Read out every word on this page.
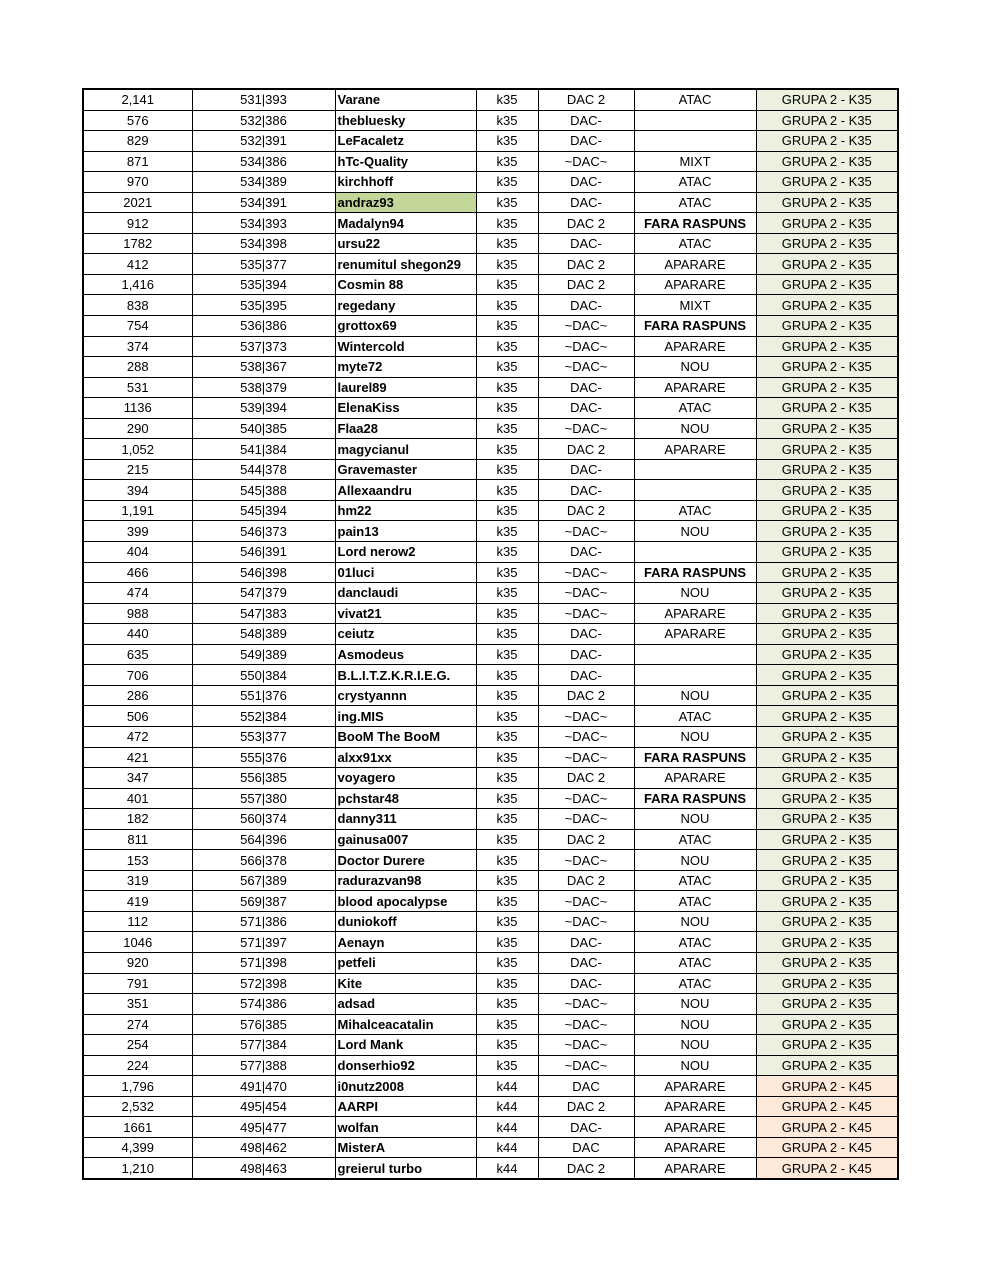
2,141	531|393	Varane	k35	DAC 2	ATAC	GRUPA 2 - K35
576	532|386	thebluesky	k35	DAC-		GRUPA 2 - K35
829	532|391	LeFacaletz	k35	DAC-		GRUPA 2 - K35
871	534|386	hTc-Quality	k35	~DAC~	MIXT	GRUPA 2 - K35
970	534|389	kirchhoff	k35	DAC-	ATAC	GRUPA 2 - K35
2021	534|391	andraz93	k35	DAC-	ATAC	GRUPA 2 - K35
912	534|393	Madalyn94	k35	DAC 2	FARA RASPUNS	GRUPA 2 - K35
1782	534|398	ursu22	k35	DAC-	ATAC	GRUPA 2 - K35
412	535|377	renumitul shegon29	k35	DAC 2	APARARE	GRUPA 2 - K35
1,416	535|394	Cosmin 88	k35	DAC 2	APARARE	GRUPA 2 - K35
838	535|395	regedany	k35	DAC-	MIXT	GRUPA 2 - K35
754	536|386	grottox69	k35	~DAC~	FARA RASPUNS	GRUPA 2 - K35
374	537|373	Wintercold	k35	~DAC~	APARARE	GRUPA 2 - K35
288	538|367	myte72	k35	~DAC~	NOU	GRUPA 2 - K35
531	538|379	laurel89	k35	DAC-	APARARE	GRUPA 2 - K35
1136	539|394	ElenaKiss	k35	DAC-	ATAC	GRUPA 2 - K35
290	540|385	Flaa28	k35	~DAC~	NOU	GRUPA 2 - K35
1,052	541|384	magycianul	k35	DAC 2	APARARE	GRUPA 2 - K35
215	544|378	Gravemaster	k35	DAC-		GRUPA 2 - K35
394	545|388	Allexaandru	k35	DAC-		GRUPA 2 - K35
1,191	545|394	hm22	k35	DAC 2	ATAC	GRUPA 2 - K35
399	546|373	pain13	k35	~DAC~	NOU	GRUPA 2 - K35
404	546|391	Lord nerow2	k35	DAC-		GRUPA 2 - K35
466	546|398	01luci	k35	~DAC~	FARA RASPUNS	GRUPA 2 - K35
474	547|379	danclaudi	k35	~DAC~	NOU	GRUPA 2 - K35
988	547|383	vivat21	k35	~DAC~	APARARE	GRUPA 2 - K35
440	548|389	ceiutz	k35	DAC-	APARARE	GRUPA 2 - K35
635	549|389	Asmodeus	k35	DAC-		GRUPA 2 - K35
706	550|384	B.L.I.T.Z.K.R.I.E.G.	k35	DAC-		GRUPA 2 - K35
286	551|376	crystyannn	k35	DAC 2	NOU	GRUPA 2 - K35
506	552|384	ing.MIS	k35	~DAC~	ATAC	GRUPA 2 - K35
472	553|377	BooM The BooM	k35	~DAC~	NOU	GRUPA 2 - K35
421	555|376	alxx91xx	k35	~DAC~	FARA RASPUNS	GRUPA 2 - K35
347	556|385	voyagero	k35	DAC 2	APARARE	GRUPA 2 - K35
401	557|380	pchstar48	k35	~DAC~	FARA RASPUNS	GRUPA 2 - K35
182	560|374	danny311	k35	~DAC~	NOU	GRUPA 2 - K35
811	564|396	gainusa007	k35	DAC 2	ATAC	GRUPA 2 - K35
153	566|378	Doctor Durere	k35	~DAC~	NOU	GRUPA 2 - K35
319	567|389	radurazvan98	k35	DAC 2	ATAC	GRUPA 2 - K35
419	569|387	blood apocalypse	k35	~DAC~	ATAC	GRUPA 2 - K35
112	571|386	duniokoff	k35	~DAC~	NOU	GRUPA 2 - K35
1046	571|397	Aenayn	k35	DAC-	ATAC	GRUPA 2 - K35
920	571|398	petfeli	k35	DAC-	ATAC	GRUPA 2 - K35
791	572|398	Kite	k35	DAC-	ATAC	GRUPA 2 - K35
351	574|386	adsad	k35	~DAC~	NOU	GRUPA 2 - K35
274	576|385	Mihalceacatalin	k35	~DAC~	NOU	GRUPA 2 - K35
254	577|384	Lord Mank	k35	~DAC~	NOU	GRUPA 2 - K35
224	577|388	donserhio92	k35	~DAC~	NOU	GRUPA 2 - K35
1,796	491|470	i0nutz2008	k44	DAC	APARARE	GRUPA 2 - K45
2,532	495|454	AARPI	k44	DAC 2	APARARE	GRUPA 2 - K45
1661	495|477	wolfan	k44	DAC-	APARARE	GRUPA 2 - K45
4,399	498|462	MisterA	k44	DAC	APARARE	GRUPA 2 - K45
1,210	498|463	greierul turbo	k44	DAC 2	APARARE	GRUPA 2 - K45
